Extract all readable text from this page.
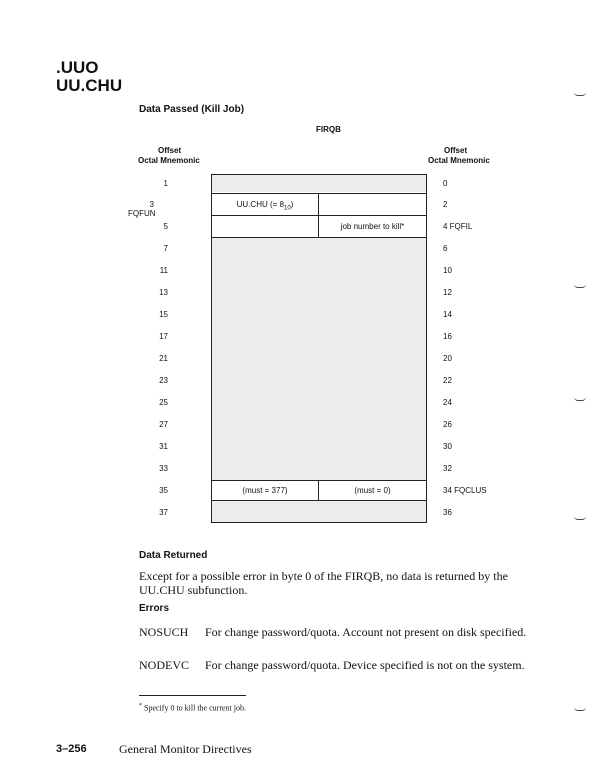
.UUO
UU.CHU
Data Passed (Kill Job)
FIRQB
Offset
Octal Mnemonic
Offset
Octal Mnemonic
UU.CHU (= $8_{10}$)
job number to kill*
(must = 377)	(must = 0)
1
3 FQFUN
5
7
11
13
15
17
21
23
25
27
31
33
35
37
0
2
4 FQFIL
6
10
12
14
16
20
22
24
26
30
32
34 FQCLUS
36
Data Returned
Except for a possible error in byte 0 of the FIRQB, no data is returned by the UU.CHU subfunction.
Errors
NOSUCH For change password/quota. Account not present on disk specified.
NODEVC For change password/quota. Device specified is not on the system.
* Specify 0 to kill the current job.
3–256	General Monitor Directives
